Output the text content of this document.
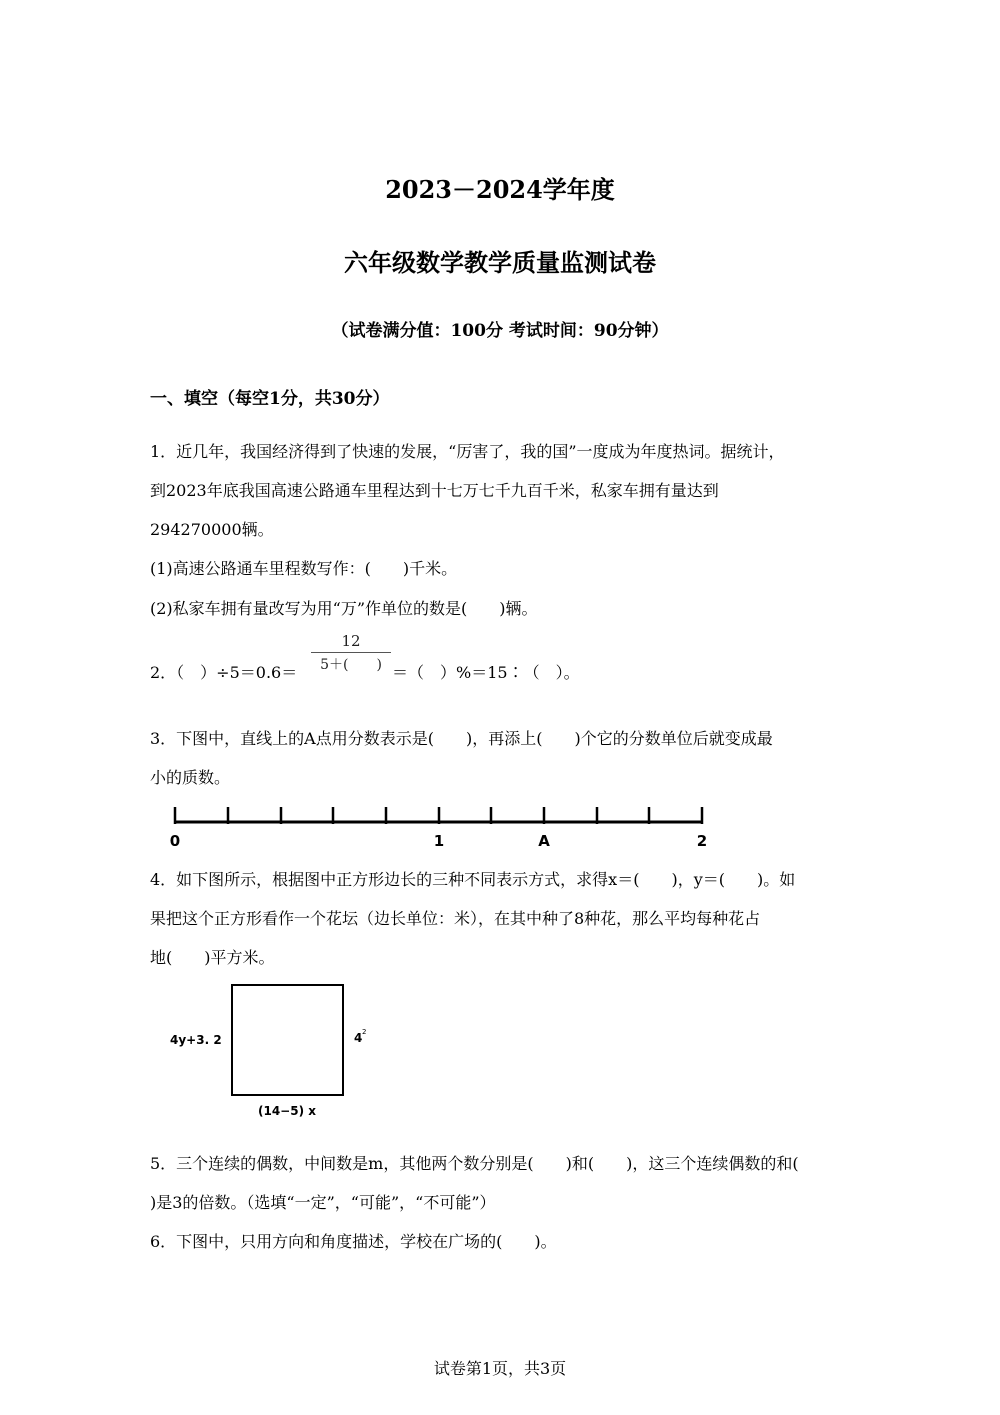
2023－2024学年度
六年级数学教学质量监测试卷
（试卷满分值：100分 考试时间：90分钟）
一、填空（每空1分，共30分）
1．近几年，我国经济得到了快速的发展，“厉害了，我的国”一度成为年度热词。据统计，
到2023年底我国高速公路通车里程达到十七万七千九百千米，私家车拥有量达到
294270000辆。
(1)高速公路通车里程数写作：(　　)千米。
(2)私家车拥有量改写为用“万”作单位的数是(　　)辆。
2．（　）÷5＝0.6＝
12
5＋(　　) ＝（　）%＝15∶（　）。
3．下图中，直线上的A点用分数表示是(　　)，再添上(　　)个它的分数单位后就变成最
小的质数。
0	1	A	2
4．如下图所示，根据图中正方形边长的三种不同表示方式，求得x＝(　　)，y＝(　　)。如
果把这个正方形看作一个花坛（边长单位：米），在其中种了8种花，那么平均每种花占
地(　　)平方米。
4y+3. 2	4 2
(14−5) x
5．三个连续的偶数，中间数是m，其他两个数分别是(　　)和(　　)，这三个连续偶数的和(
)是3的倍数。（选填“一定”，“可能”，“不可能”）
6．下图中，只用方向和角度描述，学校在广场的(　　)。
试卷第1页，共3页
